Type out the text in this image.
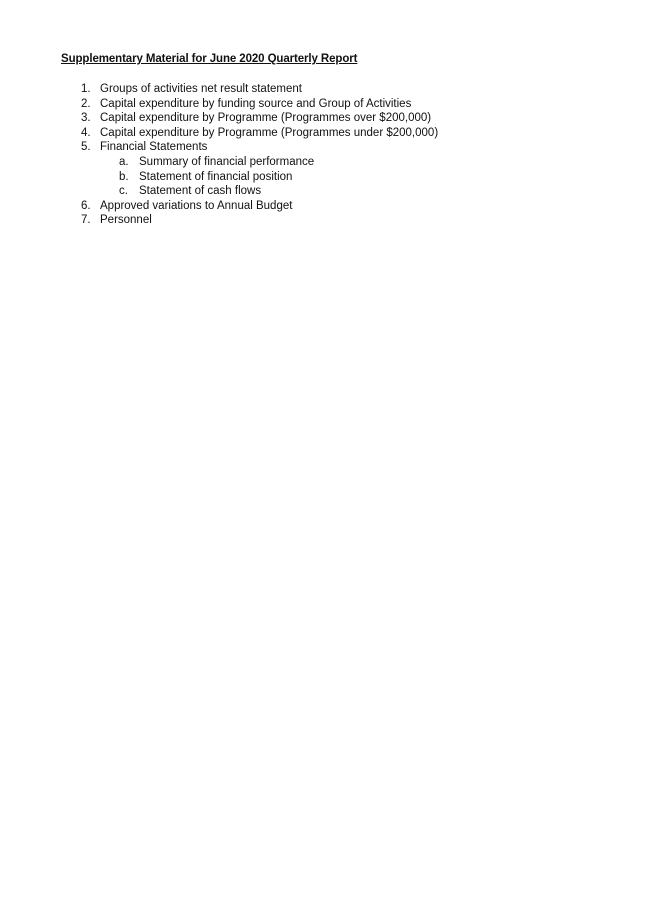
Supplementary Material for June 2020 Quarterly Report
1. Groups of activities net result statement
2. Capital expenditure by funding source and Group of Activities
3. Capital expenditure by Programme (Programmes over $200,000)
4. Capital expenditure by Programme (Programmes under $200,000)
5. Financial Statements
a. Summary of financial performance
b. Statement of financial position
c. Statement of cash flows
6. Approved variations to Annual Budget
7. Personnel
